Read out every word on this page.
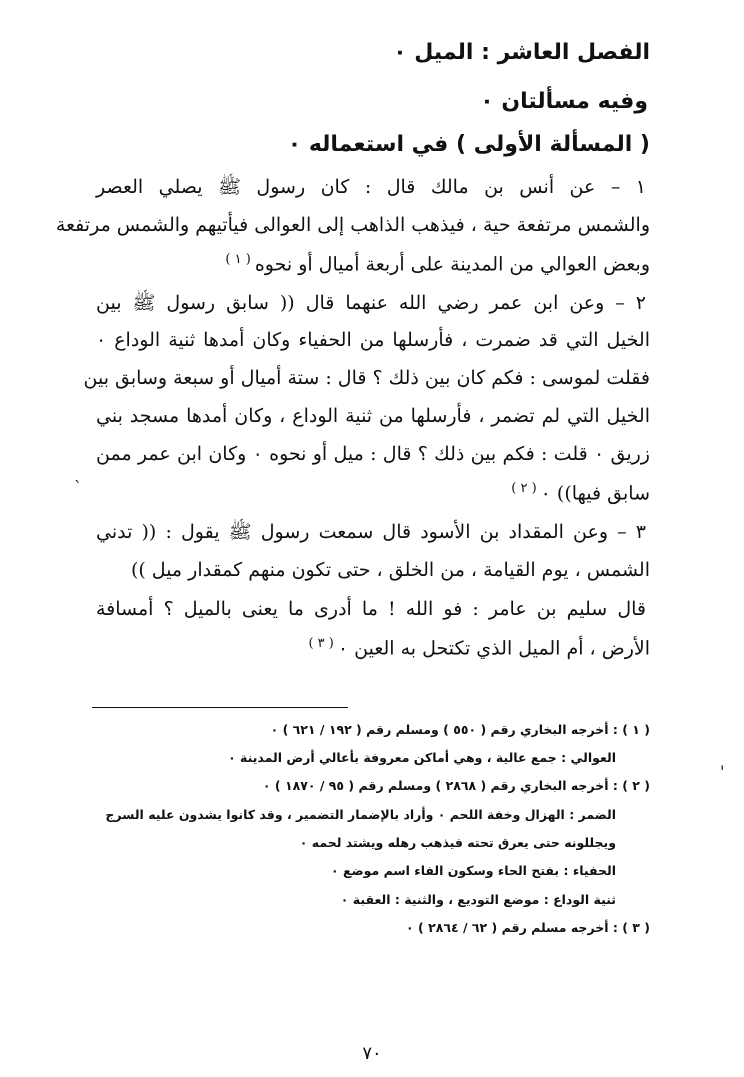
الفصل العاشر : الميل ٠
وفيه مسألتان ٠
( المسألة الأولى ) في استعماله ٠
١ – عن أنس بن مالك قال : كان رسول ﷺ يصلي العصر
والشمس مرتفعة حية ، فيذهب الذاهب إلى العوالى فيأتيهم والشمس مرتفعة
وبعض العوالي من المدينة على أربعة أميال أو نحوه$^{( ١ )}$
٢ – وعن ابن عمر رضي الله عنهما قال (( سابق رسول ﷺ بين
الخيل التي قد ضمرت ، فأرسلها من الحفياء وكان أمدها ثنية الوداع ٠
فقلت لموسى : فكم كان بين ذلك ؟ قال : ستة أميال أو سبعة وسابق بين
الخيل التي لم تضمر ، فأرسلها من ثنية الوداع ، وكان أمدها مسجد بني
زريق ٠ قلت : فكم بين ذلك ؟ قال : ميل أو نحوه ٠ وكان ابن عمر ممن
سابق فيها)) $٠^{( ٢ )}$
٣ – وعن المقداد بن الأسود قال سمعت رسول ﷺ يقول : (( تدني
الشمس ، يوم القيامة ، من الخلق ، حتى تكون منهم كمقدار ميل ))
قال سليم بن عامر : فو الله ! ما أدرى ما يعنى بالميل ؟ أمسافة
الأرض ، أم الميل الذي تكتحل به العين $٠^{( ٣ )}$
( ١ ) : أخرجه البخاري رقم ( ٥٥٠ ) ومسلم رقم ( ١٩٢ / ٦٢١ ) ٠
العوالي : جمع عالية ، وهي أماكن معروفة بأعالي أرض المدينة ٠
( ٢ ) : أخرجه البخاري رقم ( ٢٨٦٨ ) ومسلم رقم ( ٩٥ / ١٨٧٠ ) ٠
الضمر : الهزال وخفة اللحم ٠ وأراد بالإضمار التضمير ، وقد كانوا يشدون عليه السرج
ويجللونه حتى يعرق تحته فيذهب رهله ويشتد لحمه ٠
الحفياء : بفتح الحاء وسكون الفاء اسم موضع ٠
ثنية الوداع : موضع التوديع ، والثنية : العقبة ٠
( ٣ ) : أخرجه مسلم رقم ( ٦٢ / ٢٨٦٤ ) ٠
٧٠
`
'
